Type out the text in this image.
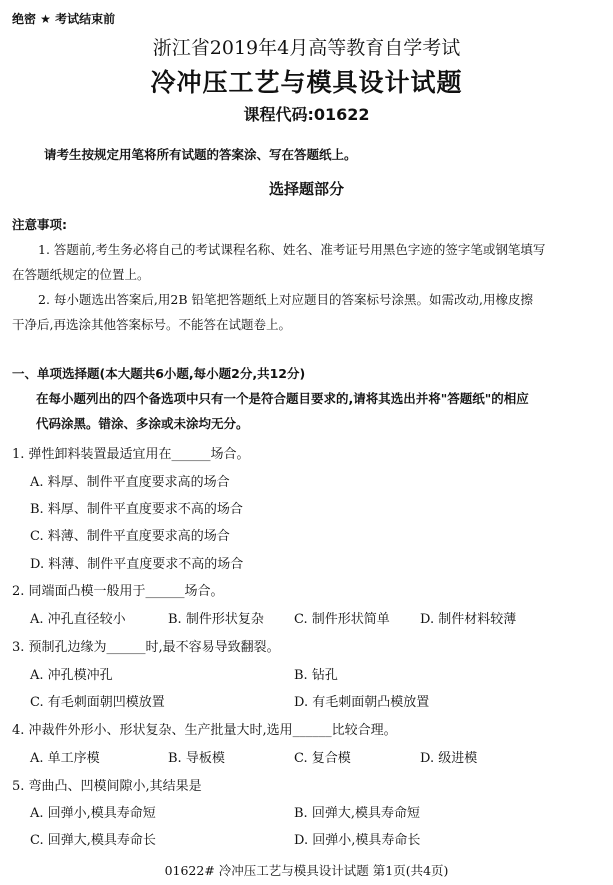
绝密 ★ 考试结束前
浙江省2019年4月高等教育自学考试
冷冲压工艺与模具设计试题
课程代码:01622
请考生按规定用笔将所有试题的答案涂、写在答题纸上。
选择题部分
注意事项:
1. 答题前,考生务必将自己的考试课程名称、姓名、准考证号用黑色字迹的签字笔或钢笔填写
在答题纸规定的位置上。
2. 每小题选出答案后,用2B 铅笔把答题纸上对应题目的答案标号涂黑。如需改动,用橡皮擦
干净后,再选涂其他答案标号。不能答在试题卷上。
一、单项选择题(本大题共6小题,每小题2分,共12分)
在每小题列出的四个备选项中只有一个是符合题目要求的,请将其选出并将"答题纸"的相应
代码涂黑。错涂、多涂或未涂均无分。
1. 弹性卸料装置最适宜用在______场合。
A. 料厚、制件平直度要求高的场合
B. 料厚、制件平直度要求不高的场合
C. 料薄、制件平直度要求高的场合
D. 料薄、制件平直度要求不高的场合
2. 同端面凸模一般用于______场合。
A. 冲孔直径较小	B. 制件形状复杂 C. 制件形状简单 D. 制件材料较薄
3. 预制孔边缘为______时,最不容易导致翻裂。
A. 冲孔模冲孔	B. 钻孔
C. 有毛刺面朝凹模放置	D. 有毛刺面朝凸模放置
4. 冲裁件外形小、形状复杂、生产批量大时,选用______比较合理。
A. 单工序模	B. 导板模	C. 复合模	D. 级进模
5. 弯曲凸、凹模间隙小,其结果是
A. 回弹小,模具寿命短	B. 回弹大,模具寿命短
C. 回弹大,模具寿命长	D. 回弹小,模具寿命长
01622# 冷冲压工艺与模具设计试题 第1页(共4页)
